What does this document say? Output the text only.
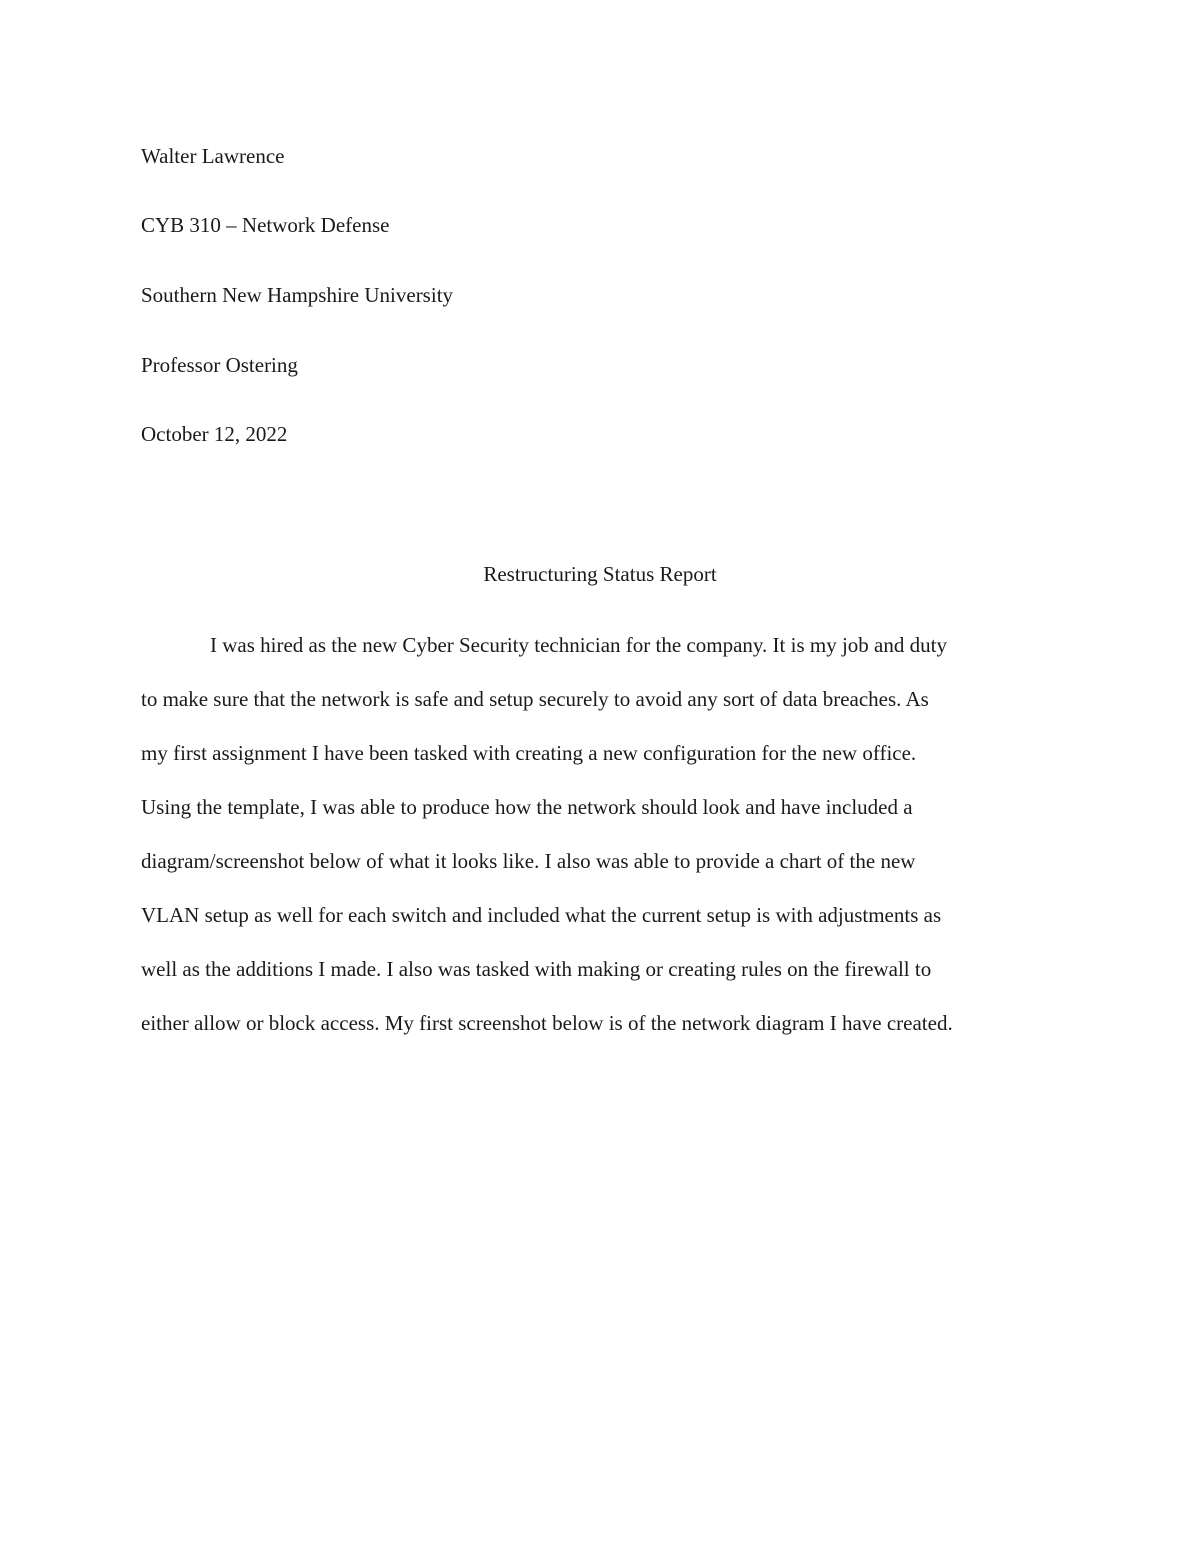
Walter Lawrence
CYB 310 – Network Defense
Southern New Hampshire University
Professor Ostering
October 12, 2022
Restructuring Status Report
I was hired as the new Cyber Security technician for the company. It is my job and duty
to make sure that the network is safe and setup securely to avoid any sort of data breaches. As
my first assignment I have been tasked with creating a new configuration for the new office.
Using the template, I was able to produce how the network should look and have included a
diagram/screenshot below of what it looks like. I also was able to provide a chart of the new
VLAN setup as well for each switch and included what the current setup is with adjustments as
well as the additions I made. I also was tasked with making or creating rules on the firewall to
either allow or block access. My first screenshot below is of the network diagram I have created.
